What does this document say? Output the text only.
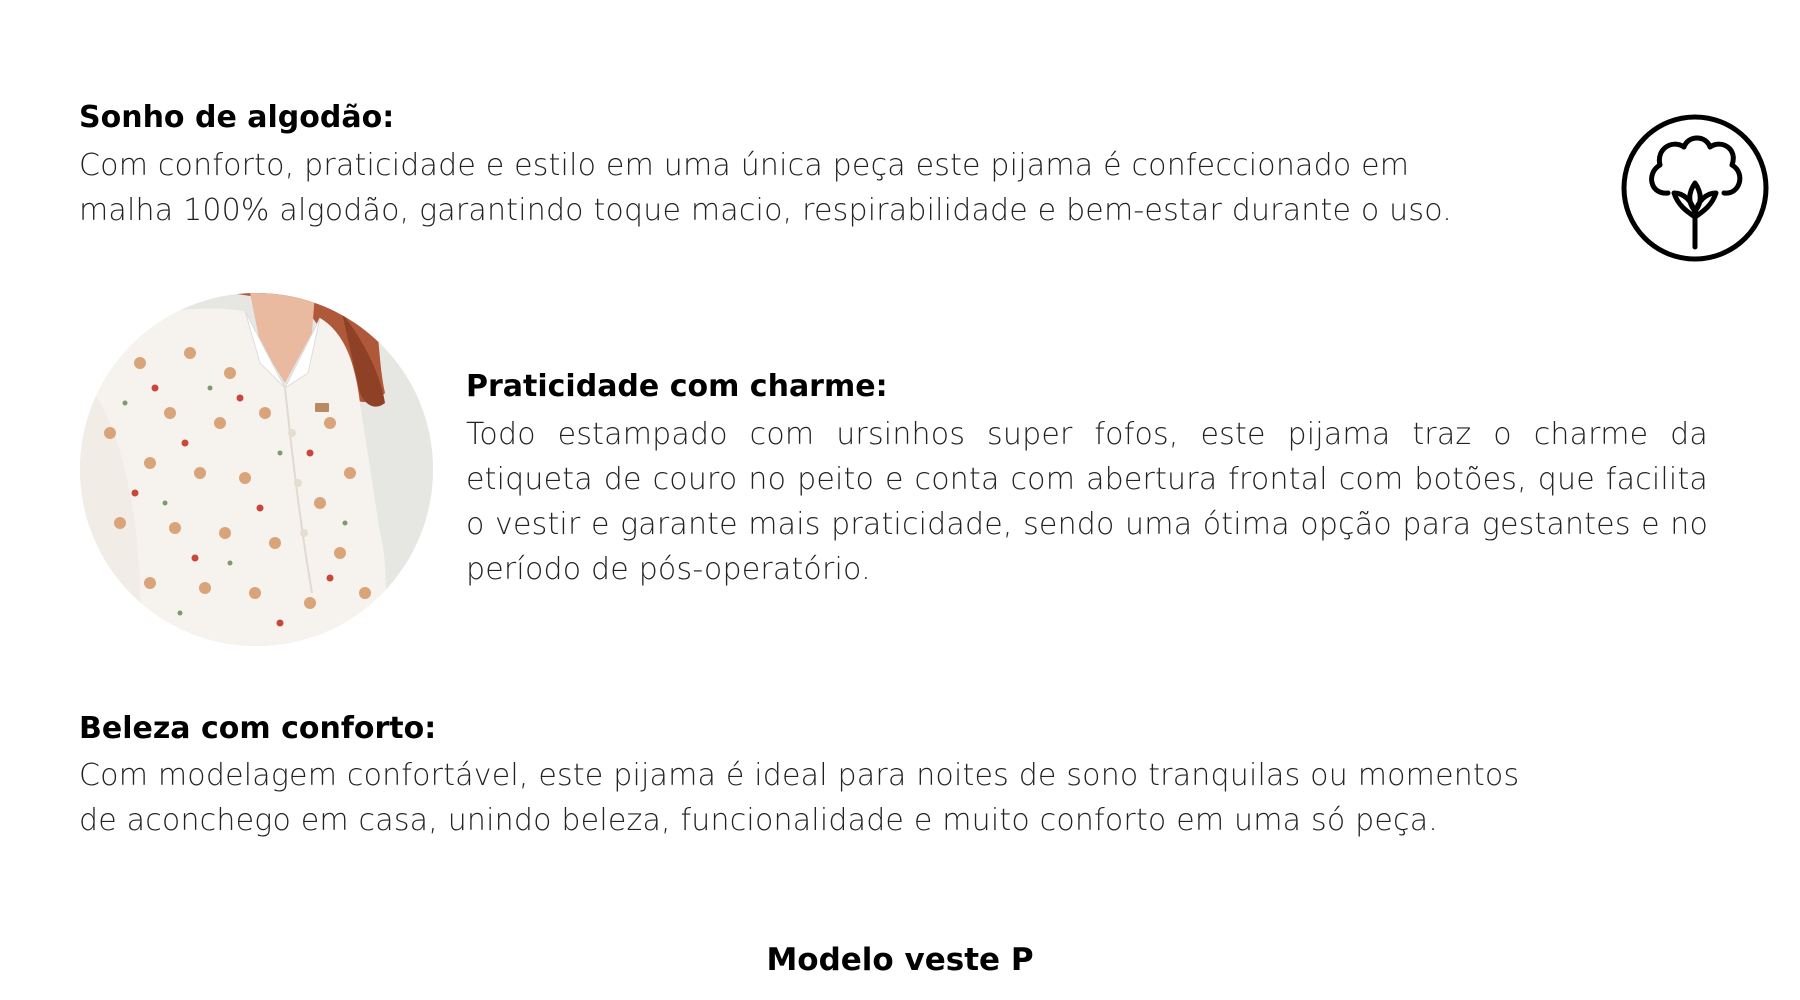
Sonho de algodão:
Com conforto, praticidade e estilo em uma única peça este pijama é confeccionado em
malha 100% algodão, garantindo toque macio, respirabilidade e bem-estar durante o uso.
Praticidade com charme:

Todo estampado com ursinhos super fofos, este pijama traz o charme da etiqueta de couro no peito e conta com abertura frontal com botões, que facilita o vestir e garante mais praticidade, sendo uma ótima opção para gestantes e no período de pós-operatório.

Beleza com conforto:
Com modelagem confortável, este pijama é ideal para noites de sono tranquilas ou momentos
de aconchego em casa, unindo beleza, funcionalidade e muito conforto em uma só peça.
Modelo veste P
